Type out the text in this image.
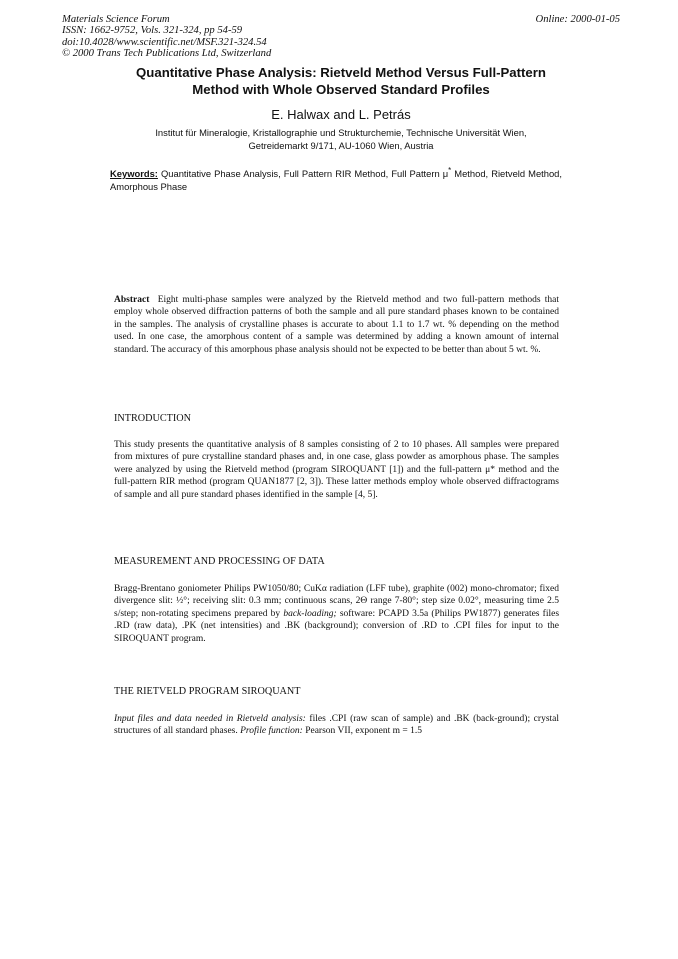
Materials Science Forum
ISSN: 1662-9752, Vols. 321-324, pp 54-59
doi:10.4028/www.scientific.net/MSF.321-324.54
© 2000 Trans Tech Publications Ltd, Switzerland
Online: 2000-01-05
Quantitative Phase Analysis: Rietveld Method Versus Full-Pattern
Method with Whole Observed Standard Profiles
E. Halwax and L. Petrás
Institut für Mineralogie, Kristallographie und Strukturchemie, Technische Universität Wien,
Getreidemarkt 9/171, AU-1060 Wien, Austria
Keywords: Quantitative Phase Analysis, Full Pattern RIR Method, Full Pattern μ* Method, Rietveld Method, Amorphous Phase
Abstract Eight multi-phase samples were analyzed by the Rietveld method and two full-pattern methods that employ whole observed diffraction patterns of both the sample and all pure standard phases known to be contained in the samples. The analysis of crystalline phases is accurate to about 1.1 to 1.7 wt. % depending on the method used. In one case, the amorphous content of a sample was determined by adding a known amount of internal standard. The accuracy of this amorphous phase analysis should not be expected to be better than about 5 wt. %.
INTRODUCTION
This study presents the quantitative analysis of 8 samples consisting of 2 to 10 phases. All samples were prepared from mixtures of pure crystalline standard phases and, in one case, glass powder as amorphous phase. The samples were analyzed by using the Rietveld method (program SIROQUANT [1]) and the full-pattern μ* method and the full-pattern RIR method (program QUAN1877 [2, 3]). These latter methods employ whole observed diffractograms of sample and all pure standard phases identified in the sample [4, 5].
MEASUREMENT AND PROCESSING OF DATA
Bragg-Brentano goniometer Philips PW1050/80; CuKα radiation (LFF tube), graphite (002) mono-chromator; fixed divergence slit: ½°; receiving slit: 0.3 mm; continuous scans, 2Θ range 7-80°; step size 0.02°, measuring time 2.5 s/step; non-rotating specimens prepared by back-loading; software: PCAPD 3.5a (Philips PW1877) generates files .RD (raw data), .PK (net intensities) and .BK (background); conversion of .RD to .CPI files for input to the SIROQUANT program.
THE RIETVELD PROGRAM SIROQUANT
Input files and data needed in Rietveld analysis: files .CPI (raw scan of sample) and .BK (back-ground); crystal structures of all standard phases. Profile function: Pearson VII, exponent m = 1.5
